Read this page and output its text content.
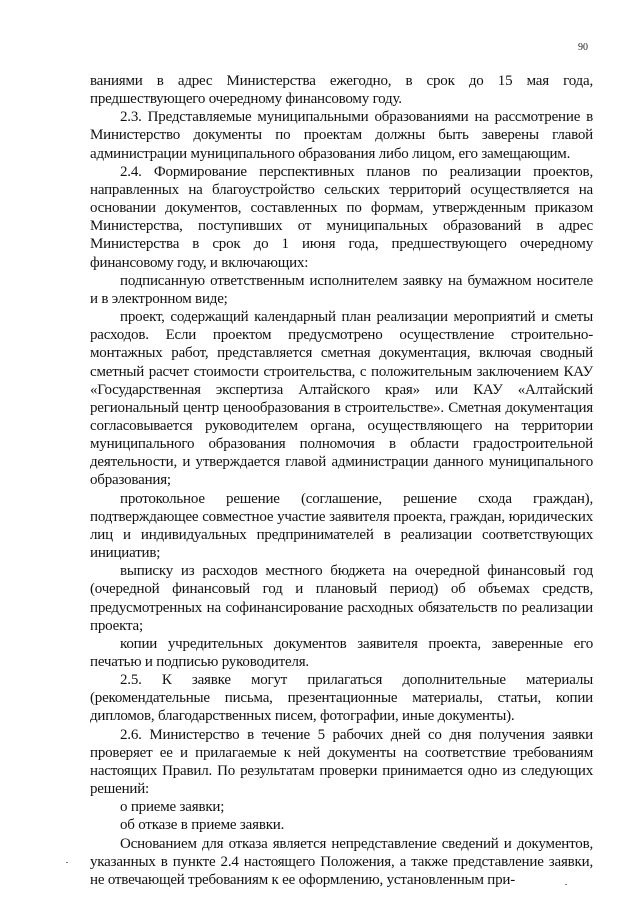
90

ваниями в адрес Министерства ежегодно, в срок до 15 мая года, предшествующего очередному финансовому году.

2.3. Представляемые муниципальными образованиями на рассмотрение в Министерство документы по проектам должны быть заверены главой администрации муниципального образования либо лицом, его замещающим.

2.4. Формирование перспективных планов по реализации проектов, направленных на благоустройство сельских территорий осуществляется на основании документов, составленных по формам, утвержденным приказом Министерства, поступивших от муниципальных образований в адрес Министерства в срок до 1 июня года, предшествующего очередному финансовому году, и включающих:

подписанную ответственным исполнителем заявку на бумажном носителе и в электронном виде;

проект, содержащий календарный план реализации мероприятий и сметы расходов. Если проектом предусмотрено осуществление строительно-монтажных работ, представляется сметная документация, включая сводный сметный расчет стоимости строительства, с положительным заключением КАУ «Государственная экспертиза Алтайского края» или КАУ «Алтайский региональный центр ценообразования в строительстве». Сметная документация согласовывается руководителем органа, осуществляющего на территории муниципального образования полномочия в области градостроительной деятельности, и утверждается главой администрации данного муниципального образования;

протокольное решение (соглашение, решение схода граждан), подтверждающее совместное участие заявителя проекта, граждан, юридических лиц и индивидуальных предпринимателей в реализации соответствующих инициатив;

выписку из расходов местного бюджета на очередной финансовый год (очередной финансовый год и плановый период) об объемах средств, предусмотренных на софинансирование расходных обязательств по реализации проекта;

копии учредительных документов заявителя проекта, заверенные его печатью и подписью руководителя.

2.5. К заявке могут прилагаться дополнительные материалы (рекомендательные письма, презентационные материалы, статьи, копии дипломов, благодарственных писем, фотографии, иные документы).

2.6. Министерство в течение 5 рабочих дней со дня получения заявки проверяет ее и прилагаемые к ней документы на соответствие требованиям настоящих Правил. По результатам проверки принимается одно из следующих решений:

о приеме заявки;

об отказе в приеме заявки.

Основанием для отказа является непредставление сведений и документов, указанных в пункте 2.4 настоящего Положения, а также представление заявки, не отвечающей требованиям к ее оформлению, установленным при-
